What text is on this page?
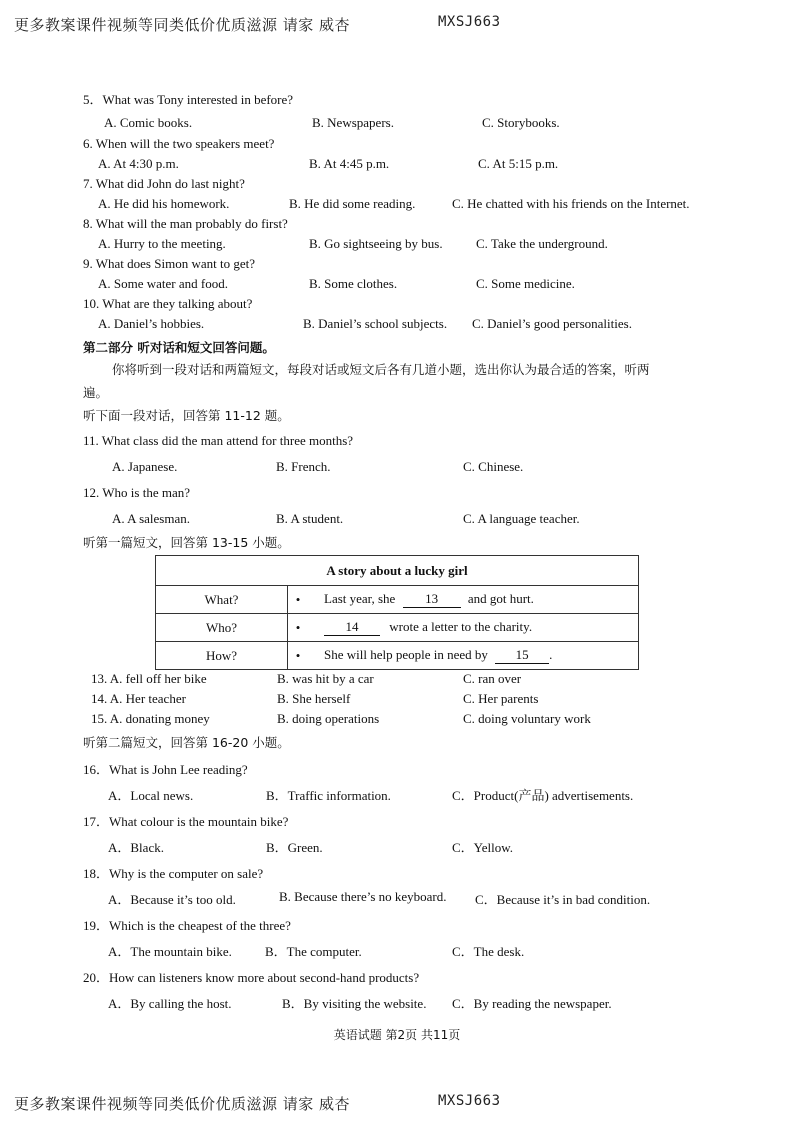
更多教案课件视频等同类低价优质滋源 请家 威杏	MXSJ663
5．What was Tony interested in before?
A. Comic books.	B. Newspapers.	C. Storybooks.
6. When will the two speakers meet?
A. At 4:30 p.m.	B. At 4:45 p.m.	C. At 5:15 p.m.
7. What did John do last night?
A. He did his homework.	B. He did some reading.	C. He chatted with his friends on the Internet.
8. What will the man probably do first?
A. Hurry to the meeting.	B. Go sightseeing by bus.	C. Take the underground.
9. What does Simon want to get?
A. Some water and food.	B. Some clothes.	C. Some medicine.
10. What are they talking about?
A. Daniel’s hobbies.	B. Daniel’s school subjects. C. Daniel’s good personalities.
第二部分 听对话和短文回答问题。
你将听到一段对话和两篇短文，每段对话或短文后各有几道小题，选出你认为最合适的答案，听两
遍。
听下面一段对话，回答第 11-12 题。
11. What class did the man attend for three months?
A. Japanese.	B. French.	C. Chinese.
12. Who is the man?
A. A salesman.	B. A student.	C. A language teacher.
听第一篇短文，回答第 13-15 小题。
A story about a lucky girl		
What?	•	Last year, she 13 and got hurt.
Who?	•	14 wrote a letter to the charity.
How?	•	She will help people in need by 15 .
13. A. fell off her bike	B. was hit by a car	C. ran over
14. A. Her teacher	B. She herself	C. Her parents
15. A. donating money	B. doing operations	C. doing voluntary work
听第二篇短文，回答第 16-20 小题。
16．What is John Lee reading?
A．Local news.	B．Traffic information.	C．Product(产品) advertisements.
17．What colour is the mountain bike?
A．Black.	B．Green.	C．Yellow.
18．Why is the computer on sale?
A．Because it’s too old.	B. Because there’s no keyboard. C．Because it’s in bad condition.
19．Which is the cheapest of the three?
A．The mountain bike.	B．The computer.	C．The desk.
20．How can listeners know more about second-hand products?
A．By calling the host.	B．By visiting the website. C．By reading the newspaper.
英语试题 第2页 共11页
更多教案课件视频等同类低价优质滋源 请家 威杏	MXSJ663
